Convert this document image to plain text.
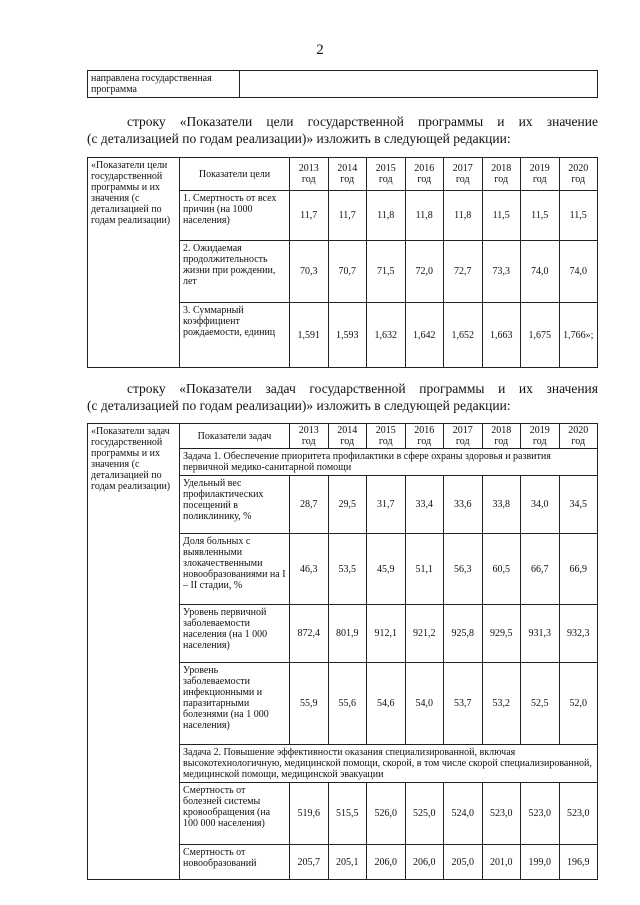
2
направлена государственная программа	
строку «Показатели цели государственной программы и их значение
(с детализацией по годам реализации)» изложить в следующей редакции:
«Показатели цели государственной программы и их значения (с детализацией по годам реализации)	Показатели цели	2013
год	2014
год	2015
год	2016
год	2017
год	2018
год	2019
год	2020
год
	1. Смертность от всех причин (на 1000 населения)	11,7	11,7	11,8	11,8	11,8	11,5	11,5	11,5
	2. Ожидаемая продолжительность жизни при рождении, лет	70,3	70,7	71,5	72,0	72,7	73,3	74,0	74,0
	3. Суммарный коэффициент рождаемости, единиц	1,591	1,593	1,632	1,642	1,652	1,663	1,675	1,766»;
строку «Показатели задач государственной программы и их значения
(с детализацией по годам реализации)» изложить в следующей редакции:
«Показатели задач государственной программы и их значения (с детализацией по годам реализации)	Показатели задач	2013
год	2014
год	2015
год	2016
год	2017
год	2018
год	2019
год	2020
год
	Задача 1. Обеспечение приоритета профилактики в сфере охраны здоровья и развития первичной медико-санитарной помощи								
	Удельный вес профилактических посещений в поликлинику, %	28,7	29,5	31,7	33,4	33,6	33,8	34,0	34,5
	Доля больных с выявленными злокачественными новообразованиями на I – II стадии, %	46,3	53,5	45,9	51,1	56,3	60,5	66,7	66,9
	Уровень первичной заболеваемости населения (на 1 000 населения)	872,4	801,9	912,1	921,2	925,8	929,5	931,3	932,3
	Уровень заболеваемости инфекционными и паразитарными болезнями (на 1 000 населения)	55,9	55,6	54,6	54,0	53,7	53,2	52,5	52,0
	Задача 2. Повышение эффективности оказания специализированной, включая высокотехнологичную, медицинской помощи, скорой, в том числе скорой специализированной, медицинской помощи, медицинской эвакуации								
	Смертность от болезней системы кровообращения (на 100 000 населения)	519,6	515,5	526,0	525,0	524,0	523,0	523,0	523,0
	Смертность от новообразований	205,7	205,1	206,0	206,0	205,0	201,0	199,0	196,9
